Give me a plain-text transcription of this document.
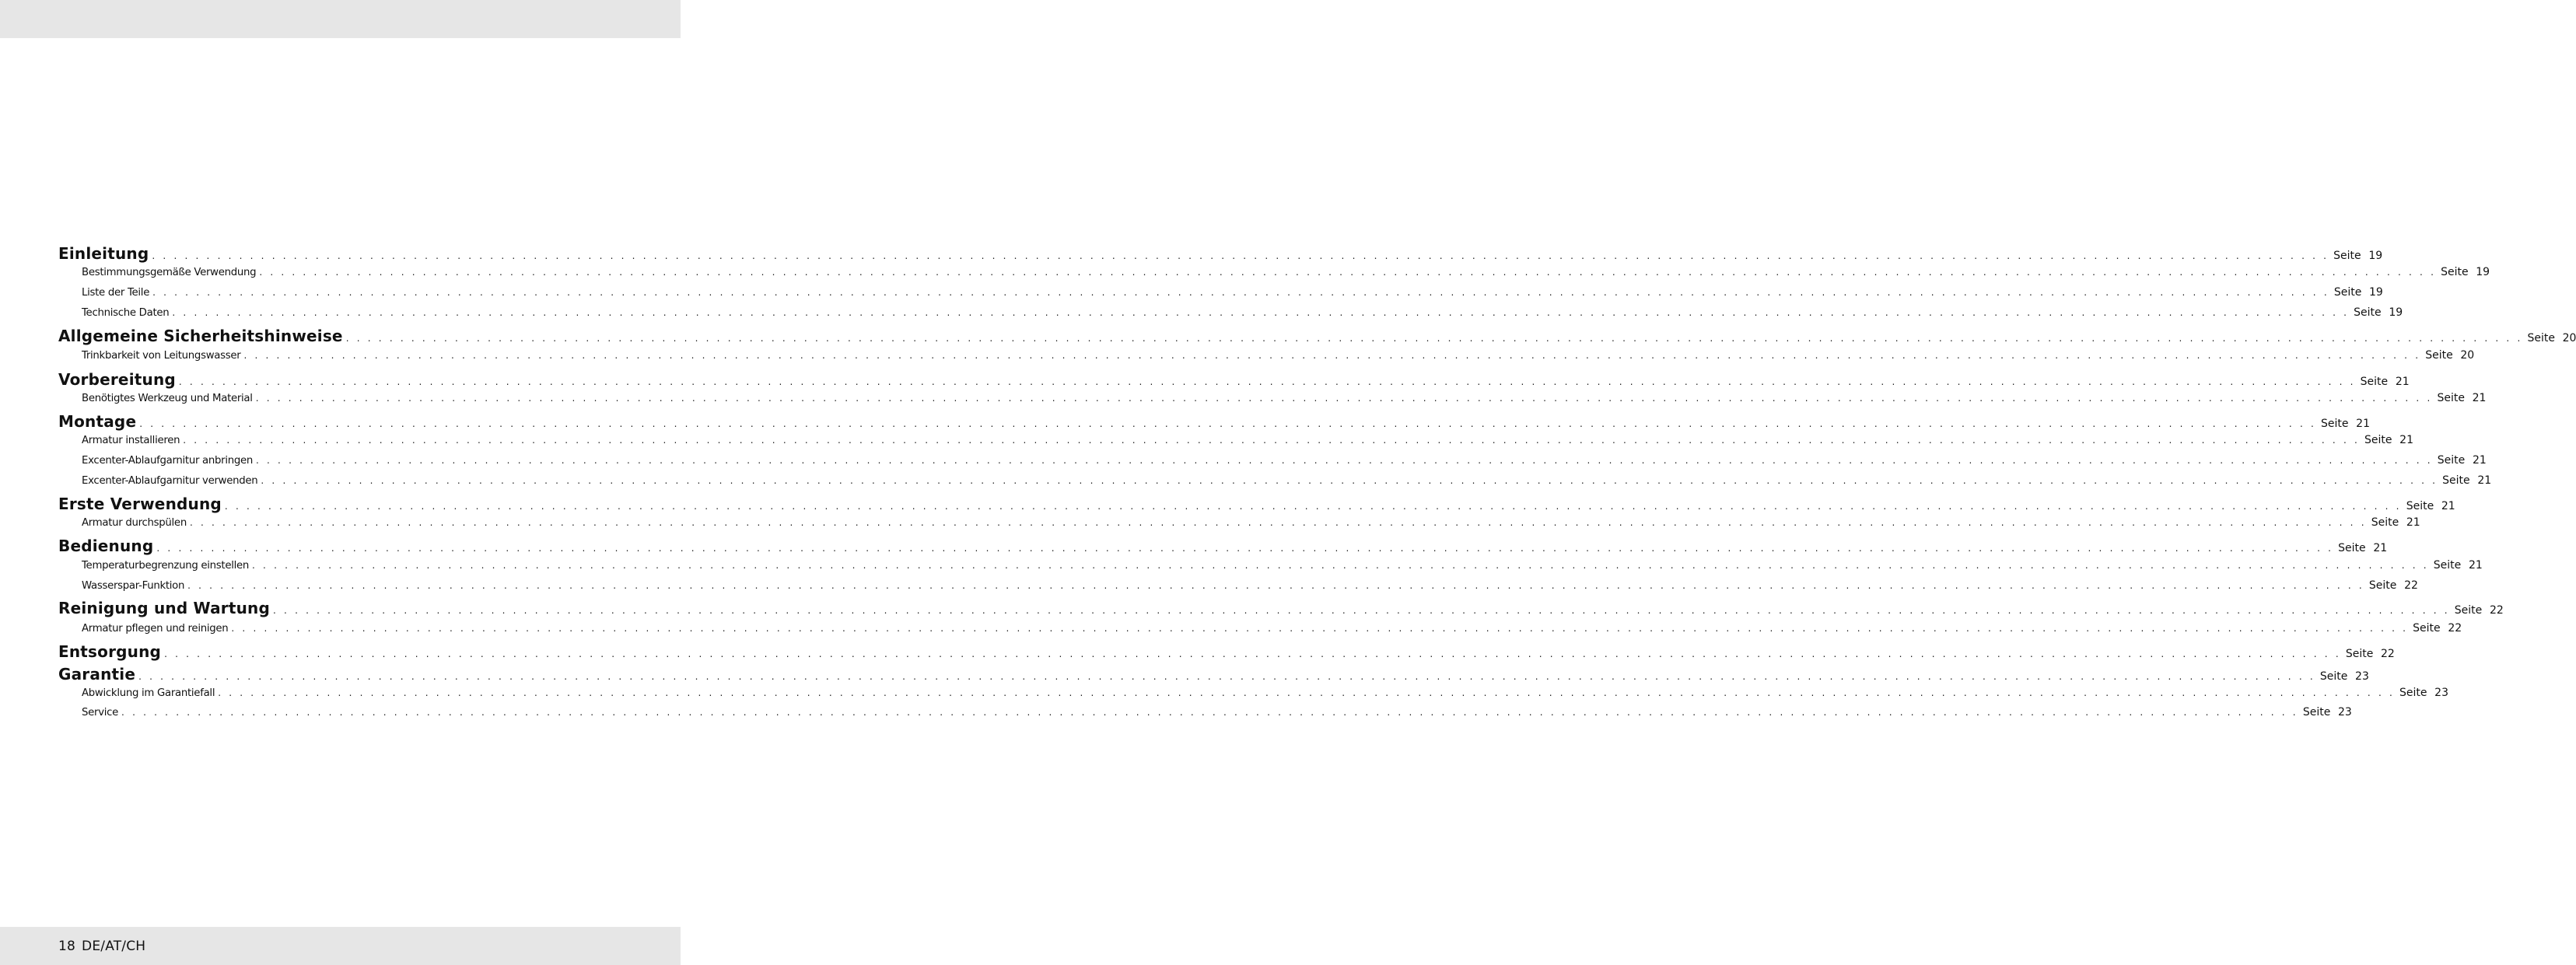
Einleitung . . . . . . . . . . . . . . . . . . . . . . . . . . . . . . . . . . . . . . . . . . . . . . . . . . . . . . . . . . . . . . . . . . . . . . . . . . . . . . . . . . . . . . . . . . . . . . . . . . . . . . . . . . . . . . . . . . . . . . . . . . . . . . . . . . . . . . . . . . . . . . . . . . . . . . . . . . . . . . . . . . . . . . . . . . . . . . . . . . . . . . . . . . . . . . . . . . . . . . . . Seite 19
Bestimmungsgemäße Verwendung . . . . . . . . . . . . . . . . . . . . . . . . . . . . . . . . . . . . . . . . . . . . . . . . . . . . . . . . . . . . . . . . . . . . . . . . . . . . . . . . . . . . . . . . . . . . . . . . . . . . . . . . . . . . . . . . . . . . . . . . . . . . . . . . . . . . . . . . . . . . . . . . . . . . . . . . . . . . . . . . . . . . . . . . . . . . . . . . . . . . . . . . . . . . . . . . . . . . . . . . Seite 19
Liste der Teile . . . . . . . . . . . . . . . . . . . . . . . . . . . . . . . . . . . . . . . . . . . . . . . . . . . . . . . . . . . . . . . . . . . . . . . . . . . . . . . . . . . . . . . . . . . . . . . . . . . . . . . . . . . . . . . . . . . . . . . . . . . . . . . . . . . . . . . . . . . . . . . . . . . . . . . . . . . . . . . . . . . . . . . . . . . . . . . . . . . . . . . . . . . . . . . . . . . . . . . . Seite 19
Technische Daten . . . . . . . . . . . . . . . . . . . . . . . . . . . . . . . . . . . . . . . . . . . . . . . . . . . . . . . . . . . . . . . . . . . . . . . . . . . . . . . . . . . . . . . . . . . . . . . . . . . . . . . . . . . . . . . . . . . . . . . . . . . . . . . . . . . . . . . . . . . . . . . . . . . . . . . . . . . . . . . . . . . . . . . . . . . . . . . . . . . . . . . . . . . . . . . . . . . . . . . . Seite 19
Allgemeine Sicherheitshinweise . . . . . . . . . . . . . . . . . . . . . . . . . . . . . . . . . . . . . . . . . . . . . . . . . . . . . . . . . . . . . . . . . . . . . . . . . . . . . . . . . . . . . . . . . . . . . . . . . . . . . . . . . . . . . . . . . . . . . . . . . . . . . . . . . . . . . . . . . . . . . . . . . . . . . . . . . . . . . . . . . . . . . . . . . . . . . . . . . . . . . . . . . . . . . . . . . . . . . . . . Seite 20
Trinkbarkeit von Leitungswasser . . . . . . . . . . . . . . . . . . . . . . . . . . . . . . . . . . . . . . . . . . . . . . . . . . . . . . . . . . . . . . . . . . . . . . . . . . . . . . . . . . . . . . . . . . . . . . . . . . . . . . . . . . . . . . . . . . . . . . . . . . . . . . . . . . . . . . . . . . . . . . . . . . . . . . . . . . . . . . . . . . . . . . . . . . . . . . . . . . . . . . . . . . . . . . . . . . . . . . . . Seite 20
Vorbereitung . . . . . . . . . . . . . . . . . . . . . . . . . . . . . . . . . . . . . . . . . . . . . . . . . . . . . . . . . . . . . . . . . . . . . . . . . . . . . . . . . . . . . . . . . . . . . . . . . . . . . . . . . . . . . . . . . . . . . . . . . . . . . . . . . . . . . . . . . . . . . . . . . . . . . . . . . . . . . . . . . . . . . . . . . . . . . . . . . . . . . . . . . . . . . . . . . . . . . . . . Seite 21
Benötigtes Werkzeug und Material . . . . . . . . . . . . . . . . . . . . . . . . . . . . . . . . . . . . . . . . . . . . . . . . . . . . . . . . . . . . . . . . . . . . . . . . . . . . . . . . . . . . . . . . . . . . . . . . . . . . . . . . . . . . . . . . . . . . . . . . . . . . . . . . . . . . . . . . . . . . . . . . . . . . . . . . . . . . . . . . . . . . . . . . . . . . . . . . . . . . . . . . . . . . . . . . . . . . . . . . Seite 21
Montage . . . . . . . . . . . . . . . . . . . . . . . . . . . . . . . . . . . . . . . . . . . . . . . . . . . . . . . . . . . . . . . . . . . . . . . . . . . . . . . . . . . . . . . . . . . . . . . . . . . . . . . . . . . . . . . . . . . . . . . . . . . . . . . . . . . . . . . . . . . . . . . . . . . . . . . . . . . . . . . . . . . . . . . . . . . . . . . . . . . . . . . . . . . . . . . . . . . . . . . . Seite 21
Armatur installieren . . . . . . . . . . . . . . . . . . . . . . . . . . . . . . . . . . . . . . . . . . . . . . . . . . . . . . . . . . . . . . . . . . . . . . . . . . . . . . . . . . . . . . . . . . . . . . . . . . . . . . . . . . . . . . . . . . . . . . . . . . . . . . . . . . . . . . . . . . . . . . . . . . . . . . . . . . . . . . . . . . . . . . . . . . . . . . . . . . . . . . . . . . . . . . . . . . . . . . . . Seite 21
Excenter-Ablaufgarnitur anbringen . . . . . . . . . . . . . . . . . . . . . . . . . . . . . . . . . . . . . . . . . . . . . . . . . . . . . . . . . . . . . . . . . . . . . . . . . . . . . . . . . . . . . . . . . . . . . . . . . . . . . . . . . . . . . . . . . . . . . . . . . . . . . . . . . . . . . . . . . . . . . . . . . . . . . . . . . . . . . . . . . . . . . . . . . . . . . . . . . . . . . . . . . . . . . . . . . . . . . . . . Seite 21
Excenter-Ablaufgarnitur verwenden . . . . . . . . . . . . . . . . . . . . . . . . . . . . . . . . . . . . . . . . . . . . . . . . . . . . . . . . . . . . . . . . . . . . . . . . . . . . . . . . . . . . . . . . . . . . . . . . . . . . . . . . . . . . . . . . . . . . . . . . . . . . . . . . . . . . . . . . . . . . . . . . . . . . . . . . . . . . . . . . . . . . . . . . . . . . . . . . . . . . . . . . . . . . . . . . . . . . . . . . Seite 21
Erste Verwendung . . . . . . . . . . . . . . . . . . . . . . . . . . . . . . . . . . . . . . . . . . . . . . . . . . . . . . . . . . . . . . . . . . . . . . . . . . . . . . . . . . . . . . . . . . . . . . . . . . . . . . . . . . . . . . . . . . . . . . . . . . . . . . . . . . . . . . . . . . . . . . . . . . . . . . . . . . . . . . . . . . . . . . . . . . . . . . . . . . . . . . . . . . . . . . . . . . . . . . . . Seite 21
Armatur durchspülen . . . . . . . . . . . . . . . . . . . . . . . . . . . . . . . . . . . . . . . . . . . . . . . . . . . . . . . . . . . . . . . . . . . . . . . . . . . . . . . . . . . . . . . . . . . . . . . . . . . . . . . . . . . . . . . . . . . . . . . . . . . . . . . . . . . . . . . . . . . . . . . . . . . . . . . . . . . . . . . . . . . . . . . . . . . . . . . . . . . . . . . . . . . . . . . . . . . . . . . . Seite 21
Bedienung . . . . . . . . . . . . . . . . . . . . . . . . . . . . . . . . . . . . . . . . . . . . . . . . . . . . . . . . . . . . . . . . . . . . . . . . . . . . . . . . . . . . . . . . . . . . . . . . . . . . . . . . . . . . . . . . . . . . . . . . . . . . . . . . . . . . . . . . . . . . . . . . . . . . . . . . . . . . . . . . . . . . . . . . . . . . . . . . . . . . . . . . . . . . . . . . . . . . . . . . Seite 21
Temperaturbegrenzung einstellen . . . . . . . . . . . . . . . . . . . . . . . . . . . . . . . . . . . . . . . . . . . . . . . . . . . . . . . . . . . . . . . . . . . . . . . . . . . . . . . . . . . . . . . . . . . . . . . . . . . . . . . . . . . . . . . . . . . . . . . . . . . . . . . . . . . . . . . . . . . . . . . . . . . . . . . . . . . . . . . . . . . . . . . . . . . . . . . . . . . . . . . . . . . . . . . . . . . . . . . . Seite 21
Wasserspar-Funktion . . . . . . . . . . . . . . . . . . . . . . . . . . . . . . . . . . . . . . . . . . . . . . . . . . . . . . . . . . . . . . . . . . . . . . . . . . . . . . . . . . . . . . . . . . . . . . . . . . . . . . . . . . . . . . . . . . . . . . . . . . . . . . . . . . . . . . . . . . . . . . . . . . . . . . . . . . . . . . . . . . . . . . . . . . . . . . . . . . . . . . . . . . . . . . . . . . . . . . . . Seite 22
Reinigung und Wartung . . . . . . . . . . . . . . . . . . . . . . . . . . . . . . . . . . . . . . . . . . . . . . . . . . . . . . . . . . . . . . . . . . . . . . . . . . . . . . . . . . . . . . . . . . . . . . . . . . . . . . . . . . . . . . . . . . . . . . . . . . . . . . . . . . . . . . . . . . . . . . . . . . . . . . . . . . . . . . . . . . . . . . . . . . . . . . . . . . . . . . . . . . . . . . . . . . . . . . . . Seite 22
Armatur pflegen und reinigen . . . . . . . . . . . . . . . . . . . . . . . . . . . . . . . . . . . . . . . . . . . . . . . . . . . . . . . . . . . . . . . . . . . . . . . . . . . . . . . . . . . . . . . . . . . . . . . . . . . . . . . . . . . . . . . . . . . . . . . . . . . . . . . . . . . . . . . . . . . . . . . . . . . . . . . . . . . . . . . . . . . . . . . . . . . . . . . . . . . . . . . . . . . . . . . . . . . . . . . . Seite 22
Entsorgung . . . . . . . . . . . . . . . . . . . . . . . . . . . . . . . . . . . . . . . . . . . . . . . . . . . . . . . . . . . . . . . . . . . . . . . . . . . . . . . . . . . . . . . . . . . . . . . . . . . . . . . . . . . . . . . . . . . . . . . . . . . . . . . . . . . . . . . . . . . . . . . . . . . . . . . . . . . . . . . . . . . . . . . . . . . . . . . . . . . . . . . . . . . . . . . . . . . . . . . . Seite 22
Garantie . . . . . . . . . . . . . . . . . . . . . . . . . . . . . . . . . . . . . . . . . . . . . . . . . . . . . . . . . . . . . . . . . . . . . . . . . . . . . . . . . . . . . . . . . . . . . . . . . . . . . . . . . . . . . . . . . . . . . . . . . . . . . . . . . . . . . . . . . . . . . . . . . . . . . . . . . . . . . . . . . . . . . . . . . . . . . . . . . . . . . . . . . . . . . . . . . . . . . . . . Seite 23
Abwicklung im Garantiefall . . . . . . . . . . . . . . . . . . . . . . . . . . . . . . . . . . . . . . . . . . . . . . . . . . . . . . . . . . . . . . . . . . . . . . . . . . . . . . . . . . . . . . . . . . . . . . . . . . . . . . . . . . . . . . . . . . . . . . . . . . . . . . . . . . . . . . . . . . . . . . . . . . . . . . . . . . . . . . . . . . . . . . . . . . . . . . . . . . . . . . . . . . . . . . . . . . . . . . . . Seite 23
Service . . . . . . . . . . . . . . . . . . . . . . . . . . . . . . . . . . . . . . . . . . . . . . . . . . . . . . . . . . . . . . . . . . . . . . . . . . . . . . . . . . . . . . . . . . . . . . . . . . . . . . . . . . . . . . . . . . . . . . . . . . . . . . . . . . . . . . . . . . . . . . . . . . . . . . . . . . . . . . . . . . . . . . . . . . . . . . . . . . . . . . . . . . . . . . . . . . . . . . . . Seite 23
18 DE/AT/CH
